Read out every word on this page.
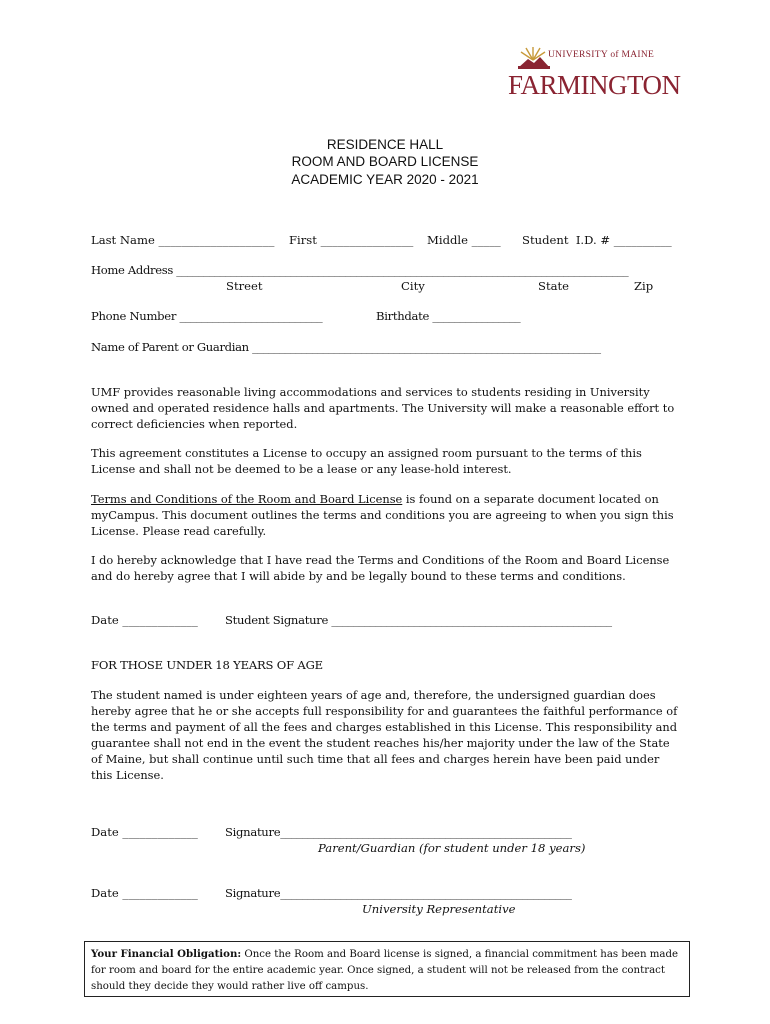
UNIVERSITY of MAINE
FARMINGTON
RESIDENCE HALL
ROOM AND BOARD LICENSE
ACADEMIC YEAR 2020 - 2021
Last Name ____________________ First ________________ Middle _____ Student  I.D. # __________
Home Address ___________________________________________________________________________________
Street	City	State	Zip
Phone Number __________________________	Birthdate ________________
Name of Parent or Guardian ________________________________________________________________
UMF provides reasonable living accommodations and services to students residing in University owned and operated residence halls and apartments. The University will make a reasonable effort to correct deficiencies when reported.
This agreement constitutes a License to occupy an assigned room pursuant to the terms of this License and shall not be deemed to be a lease or any lease-hold interest.
Terms and Conditions of the Room and Board License is found on a separate document located on myCampus. This document outlines the terms and conditions you are agreeing to when you sign this License. Please read carefully.
I do hereby acknowledge that I have read the Terms and Conditions of the Room and Board License and do hereby agree that I will abide by and be legally bound to these terms and conditions.
Date _____________ Student Signature ___________________________________________________
FOR THOSE UNDER 18 YEARS OF AGE
The student named is under eighteen years of age and, therefore, the undersigned guardian does hereby agree that he or she accepts full responsibility for and guarantees the faithful performance of the terms and payment of all the fees and charges established in this License. This responsibility and guarantee shall not end in the event the student reaches his/her majority under the law of the State of Maine, but shall continue until such time that all fees and charges herein have been paid under this License.
Date _____________ Signature_____________________________________________________
Parent/Guardian (for student under 18 years)
Date _____________ Signature_____________________________________________________
University Representative
Your Financial Obligation: Once the Room and Board license is signed, a financial commitment has been made for room and board for the entire academic year. Once signed, a student will not be released from the contract should they decide they would rather live off campus.
